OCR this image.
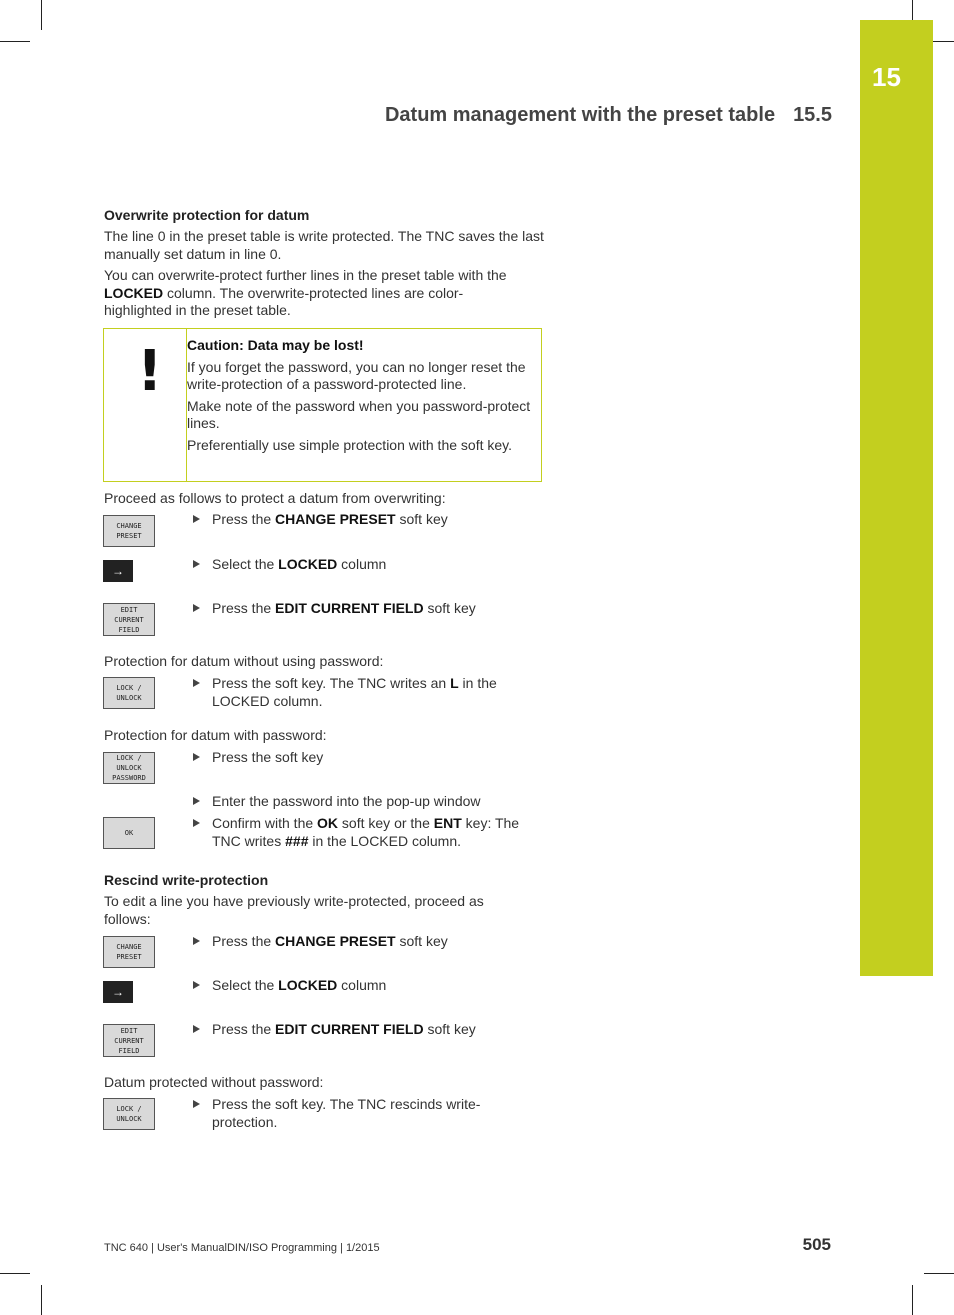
15
Datum management with the preset table 15.5
Overwrite protection for datum
The line 0 in the preset table is write protected. The TNC saves the last manually set datum in line 0.
You can overwrite-protect further lines in the preset table with the LOCKED column. The overwrite-protected lines are color-highlighted in the preset table.
! Caution: Data may be lost!
If you forget the password, you can no longer reset the write-protection of a password-protected line.
Make note of the password when you password-protect lines.
Preferentially use simple protection with the soft key.
Proceed as follows to protect a datum from overwriting:
CHANGE
PRESET
Press the CHANGE PRESET soft key
→	Select the LOCKED column
EDIT
CURRENT
FIELD
Press the EDIT CURRENT FIELD soft key
Protection for datum without using password:
LOCK /
UNLOCK
Press the soft key. The TNC writes an L in the LOCKED column.
Protection for datum with password:
LOCK /
UNLOCK
PASSWORD
Press the soft key
Enter the password into the pop-up window
OK
Confirm with the OK soft key or the ENT key: The TNC writes ### in the LOCKED column.
Rescind write-protection
To edit a line you have previously write-protected, proceed as follows:
CHANGE
PRESET
Press the CHANGE PRESET soft key
→	Select the LOCKED column
EDIT
CURRENT
FIELD
Press the EDIT CURRENT FIELD soft key
Datum protected without password:
LOCK /
UNLOCK
Press the soft key. The TNC rescinds write-protection.
TNC 640 | User's ManualDIN/ISO Programming | 1/2015	505
